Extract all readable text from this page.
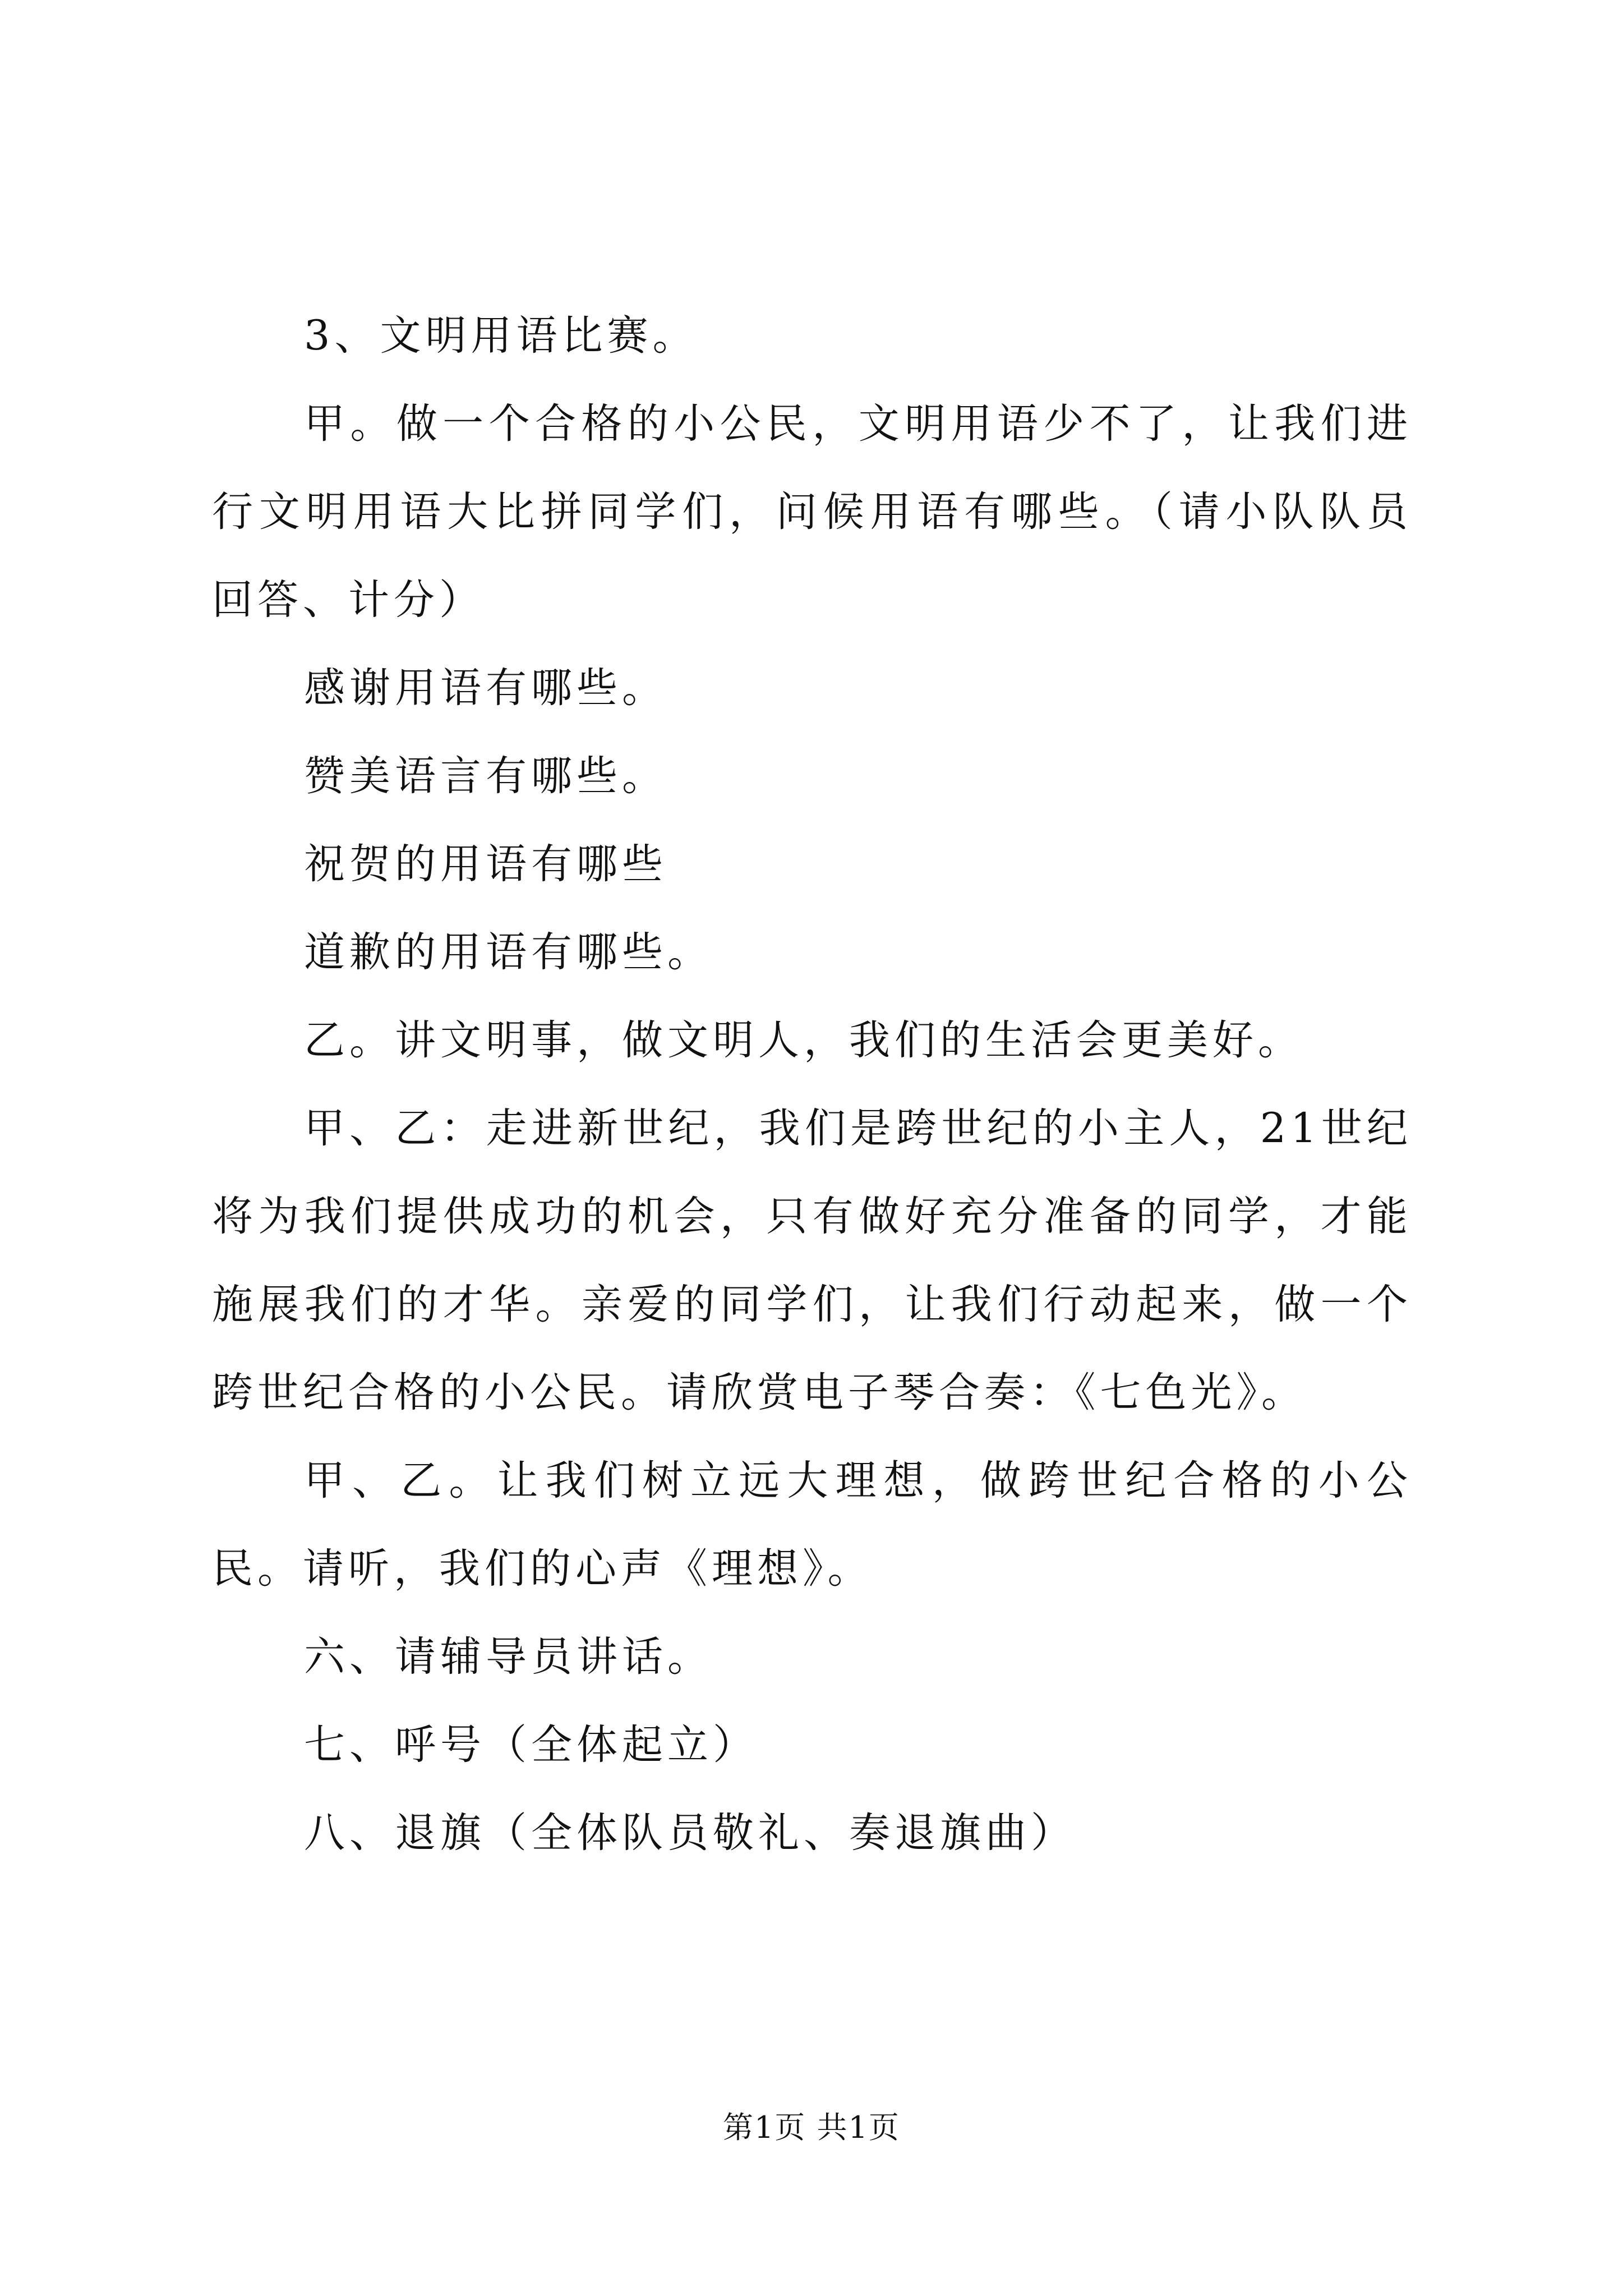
3、文明用语比赛。

甲。做一个合格的小公民，文明用语少不了，让我们进行文明用语大比拼同学们，问候用语有哪些。（请小队队员回答、计分）

感谢用语有哪些。

赞美语言有哪些。

祝贺的用语有哪些

道歉的用语有哪些。

乙。讲文明事，做文明人，我们的生活会更美好。

甲、乙：走进新世纪，我们是跨世纪的小主人，21世纪将为我们提供成功的机会，只有做好充分准备的同学，才能施展我们的才华。亲爱的同学们，让我们行动起来，做一个跨世纪合格的小公民。请欣赏电子琴合奏：《七色光》。

甲、乙。让我们树立远大理想，做跨世纪合格的小公民。请听，我们的心声《理想》。

六、请辅导员讲话。

七、呼号（全体起立）

八、退旗（全体队员敬礼、奏退旗曲）

第1页 共1页
